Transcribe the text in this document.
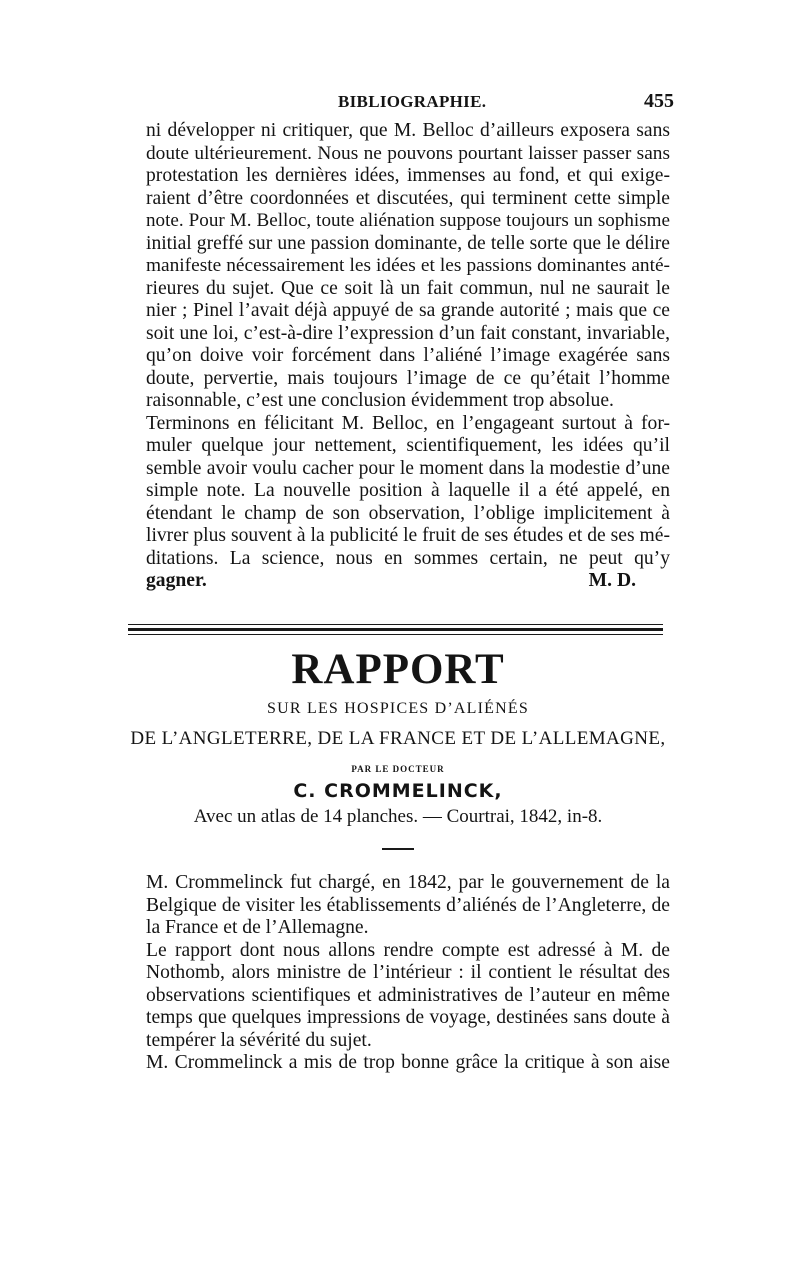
BIBLIOGRAPHIE.	455

ni développer ni critiquer, que M. Belloc d’ailleurs exposera sans

doute ultérieurement. Nous ne pouvons pourtant laisser passer sans

protestation les dernières idées, immenses au fond, et qui exige-

raient d’être coordonnées et discutées, qui terminent cette simple

note. Pour M. Belloc, toute aliénation suppose toujours un sophisme

initial greffé sur une passion dominante, de telle sorte que le délire

manifeste nécessairement les idées et les passions dominantes anté-

rieures du sujet. Que ce soit là un fait commun, nul ne saurait le

nier ; Pinel l’avait déjà appuyé de sa grande autorité ; mais que ce

soit une loi, c’est-à-dire l’expression d’un fait constant, invariable,

qu’on doive voir forcément dans l’aliéné l’image exagérée sans

doute, pervertie, mais toujours l’image de ce qu’était l’homme

raisonnable, c’est une conclusion évidemment trop absolue.

Terminons en félicitant M. Belloc, en l’engageant surtout à for-

muler quelque jour nettement, scientifiquement, les idées qu’il

semble avoir voulu cacher pour le moment dans la modestie d’une

simple note. La nouvelle position à laquelle il a été appelé, en

étendant le champ de son observation, l’oblige implicitement à

livrer plus souvent à la publicité le fruit de ses études et de ses mé-

ditations. La science, nous en sommes certain, ne peut qu’y

gagner.	M. D.
RAPPORT
SUR LES HOSPICES D’ALIÉNÉS
DE L’ANGLETERRE, DE LA FRANCE ET DE L’ALLEMAGNE,
PAR LE DOCTEUR
C. CROMMELINCK,
Avec un atlas de 14 planches. — Courtrai, 1842, in-8.

M. Crommelinck fut chargé, en 1842, par le gouvernement de la

Belgique de visiter les établissements d’aliénés de l’Angleterre, de

la France et de l’Allemagne.

Le rapport dont nous allons rendre compte est adressé à M. de

Nothomb, alors ministre de l’intérieur : il contient le résultat des

observations scientifiques et administratives de l’auteur en même

temps que quelques impressions de voyage, destinées sans doute à

tempérer la sévérité du sujet.

M. Crommelinck a mis de trop bonne grâce la critique à son aise
